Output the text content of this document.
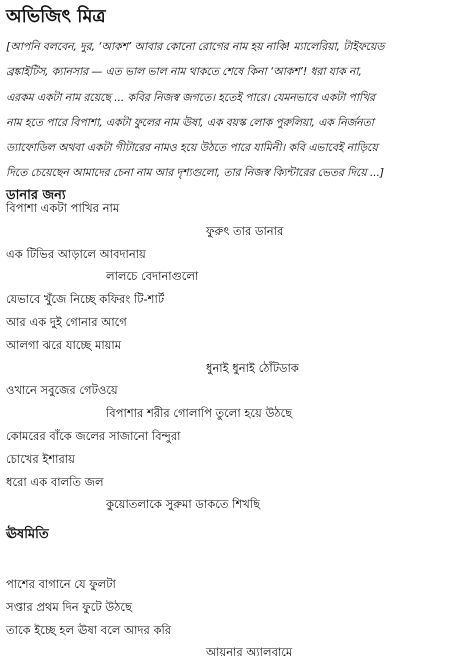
অভিজিৎ মিত্র
[আপনি বলবেন, দুর, ‘আকশ’ আবার কোনো রোগের নাম হয় নাকি! ম্যালেরিয়া, টাইফয়েড
ব্রঙ্কাইটিস, ক্যানসার — এত ভাল ভাল নাম থাকতে শেষে কিনা ‘আকশ’! ধরা যাক না,
এরকম একটা নাম রয়েছে ... কবির নিজস্ব জগতে। হতেই পারে। যেমনভাবে একটা পাখির
নাম হতে পারে বিপাশা, একটা ফুলের নাম ঊষা, এক বয়স্ক লোক পুরুলিয়া, এক নির্জনতা
ড্যাফোডিল অথবা একটা গীটারের নামও হয়ে উঠতে পারে যামিনী। কবি এভাবেই নাড়িয়ে
দিতে চেয়েছেন আমাদের চেনা নাম আর দৃশ্যগুলো, তার নিজস্ব ক্যিন্টারের ভেতর দিয়ে ...]
ডানার জন্য
বিপাশা একটা পাখির নাম
ফুরুৎ তার ডানার
এক টিভির আড়ালে আবদানায়
লালচে বেদানাগুলো
যেভাবে খুঁজে নিচ্ছে কফিরং টি-শার্ট
আর এক দুই গোনার আগে
আলগা ঝরে যাচ্ছে মায়াম
ধুনাই ধুনাই ঠোঁটডাক
ওখানে সবুজের গেটওয়ে
বিপাশার শরীর গোলাপি তুলো হয়ে উঠছে
কোমরের বাঁকে জলের সাজানো বিন্দুরা
চোখের ইশারায়
ধরো এক বালতি জল
কুয়োতলাকে সুরুমা ডাকতে শিখছি
ঊষমিতি
পাশের বাগানে যে ফুলটা
সপ্তার প্রথম দিন ফুটে উঠছে
তাকে ইচ্ছে হল ঊষা বলে আদর করি
আয়নার অ্যালবামে
